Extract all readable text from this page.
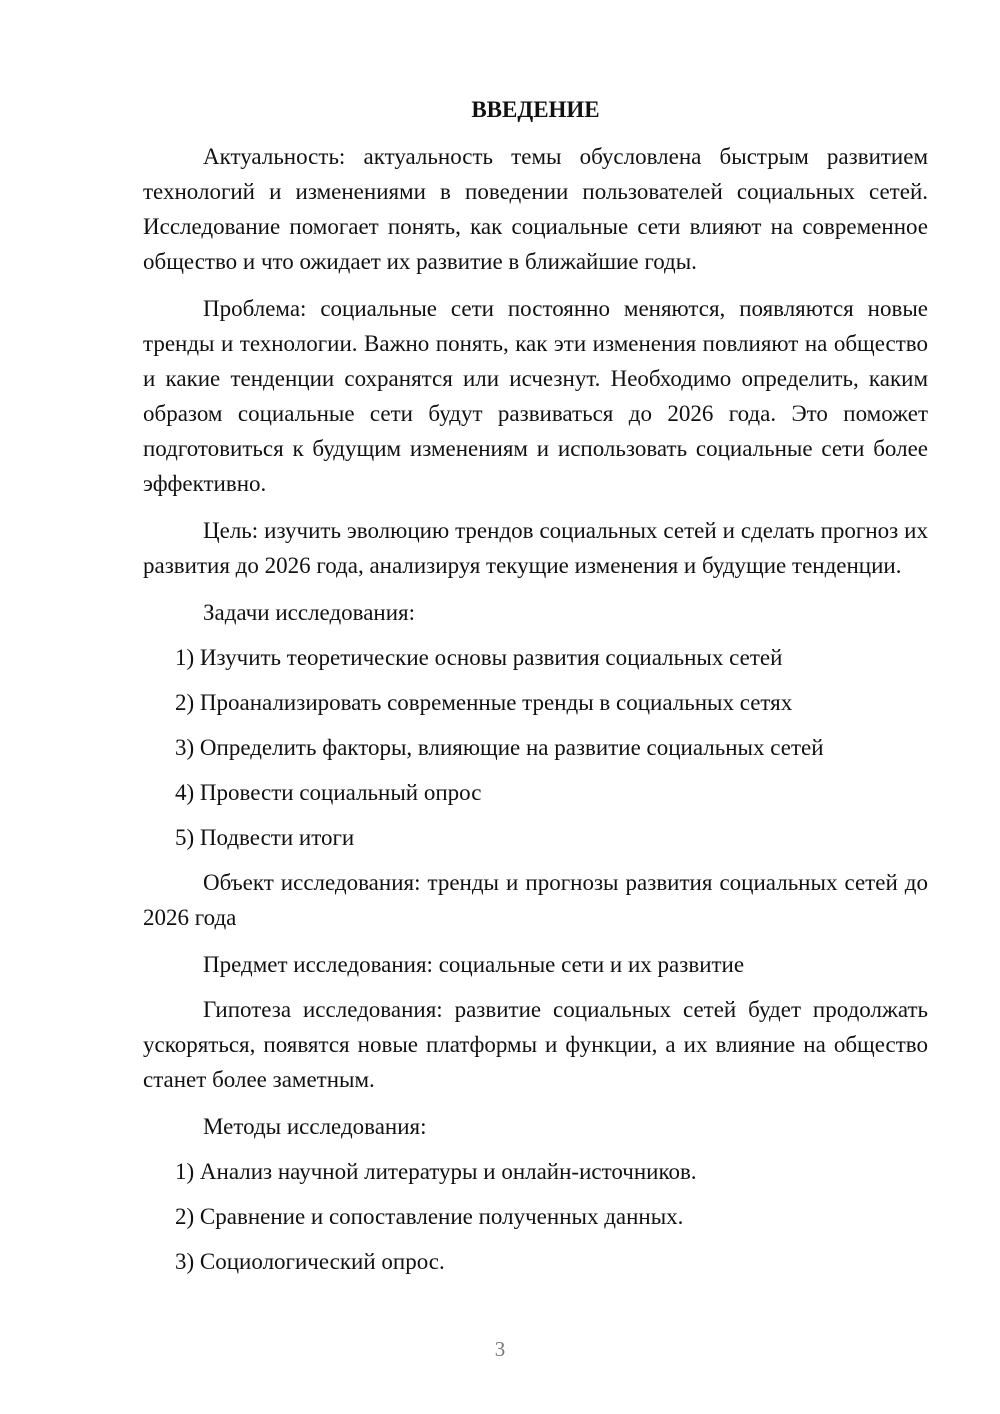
ВВЕДЕНИЕ

Актуальность: актуальность темы обусловлена быстрым развитием технологий и изменениями в поведении пользователей социальных сетей. Исследование помогает понять, как социальные сети влияют на современное общество и что ожидает их развитие в ближайшие годы.

Проблема: социальные сети постоянно меняются, появляются новые тренды и технологии. Важно понять, как эти изменения повлияют на общество и какие тенденции сохранятся или исчезнут. Необходимо определить, каким образом социальные сети будут развиваться до 2026 года. Это поможет подготовиться к будущим изменениям и использовать социальные сети более эффективно.

Цель: изучить эволюцию трендов социальных сетей и сделать прогноз их развития до 2026 года, анализируя текущие изменения и будущие тенденции.

Задачи исследования:
1) Изучить теоретические основы развития социальных сетей
2) Проанализировать современные тренды в социальных сетях
3) Определить факторы, влияющие на развитие социальных сетей
4) Провести социальный опрос
5) Подвести итоги

Объект исследования: тренды и прогнозы развития социальных сетей до 2026 года

Предмет исследования: социальные сети и их развитие

Гипотеза исследования: развитие социальных сетей будет продолжать ускоряться, появятся новые платформы и функции, а их влияние на общество станет более заметным.

Методы исследования:
1) Анализ научной литературы и онлайн-источников.
2) Сравнение и сопоставление полученных данных.
3) Социологический опрос.
3
